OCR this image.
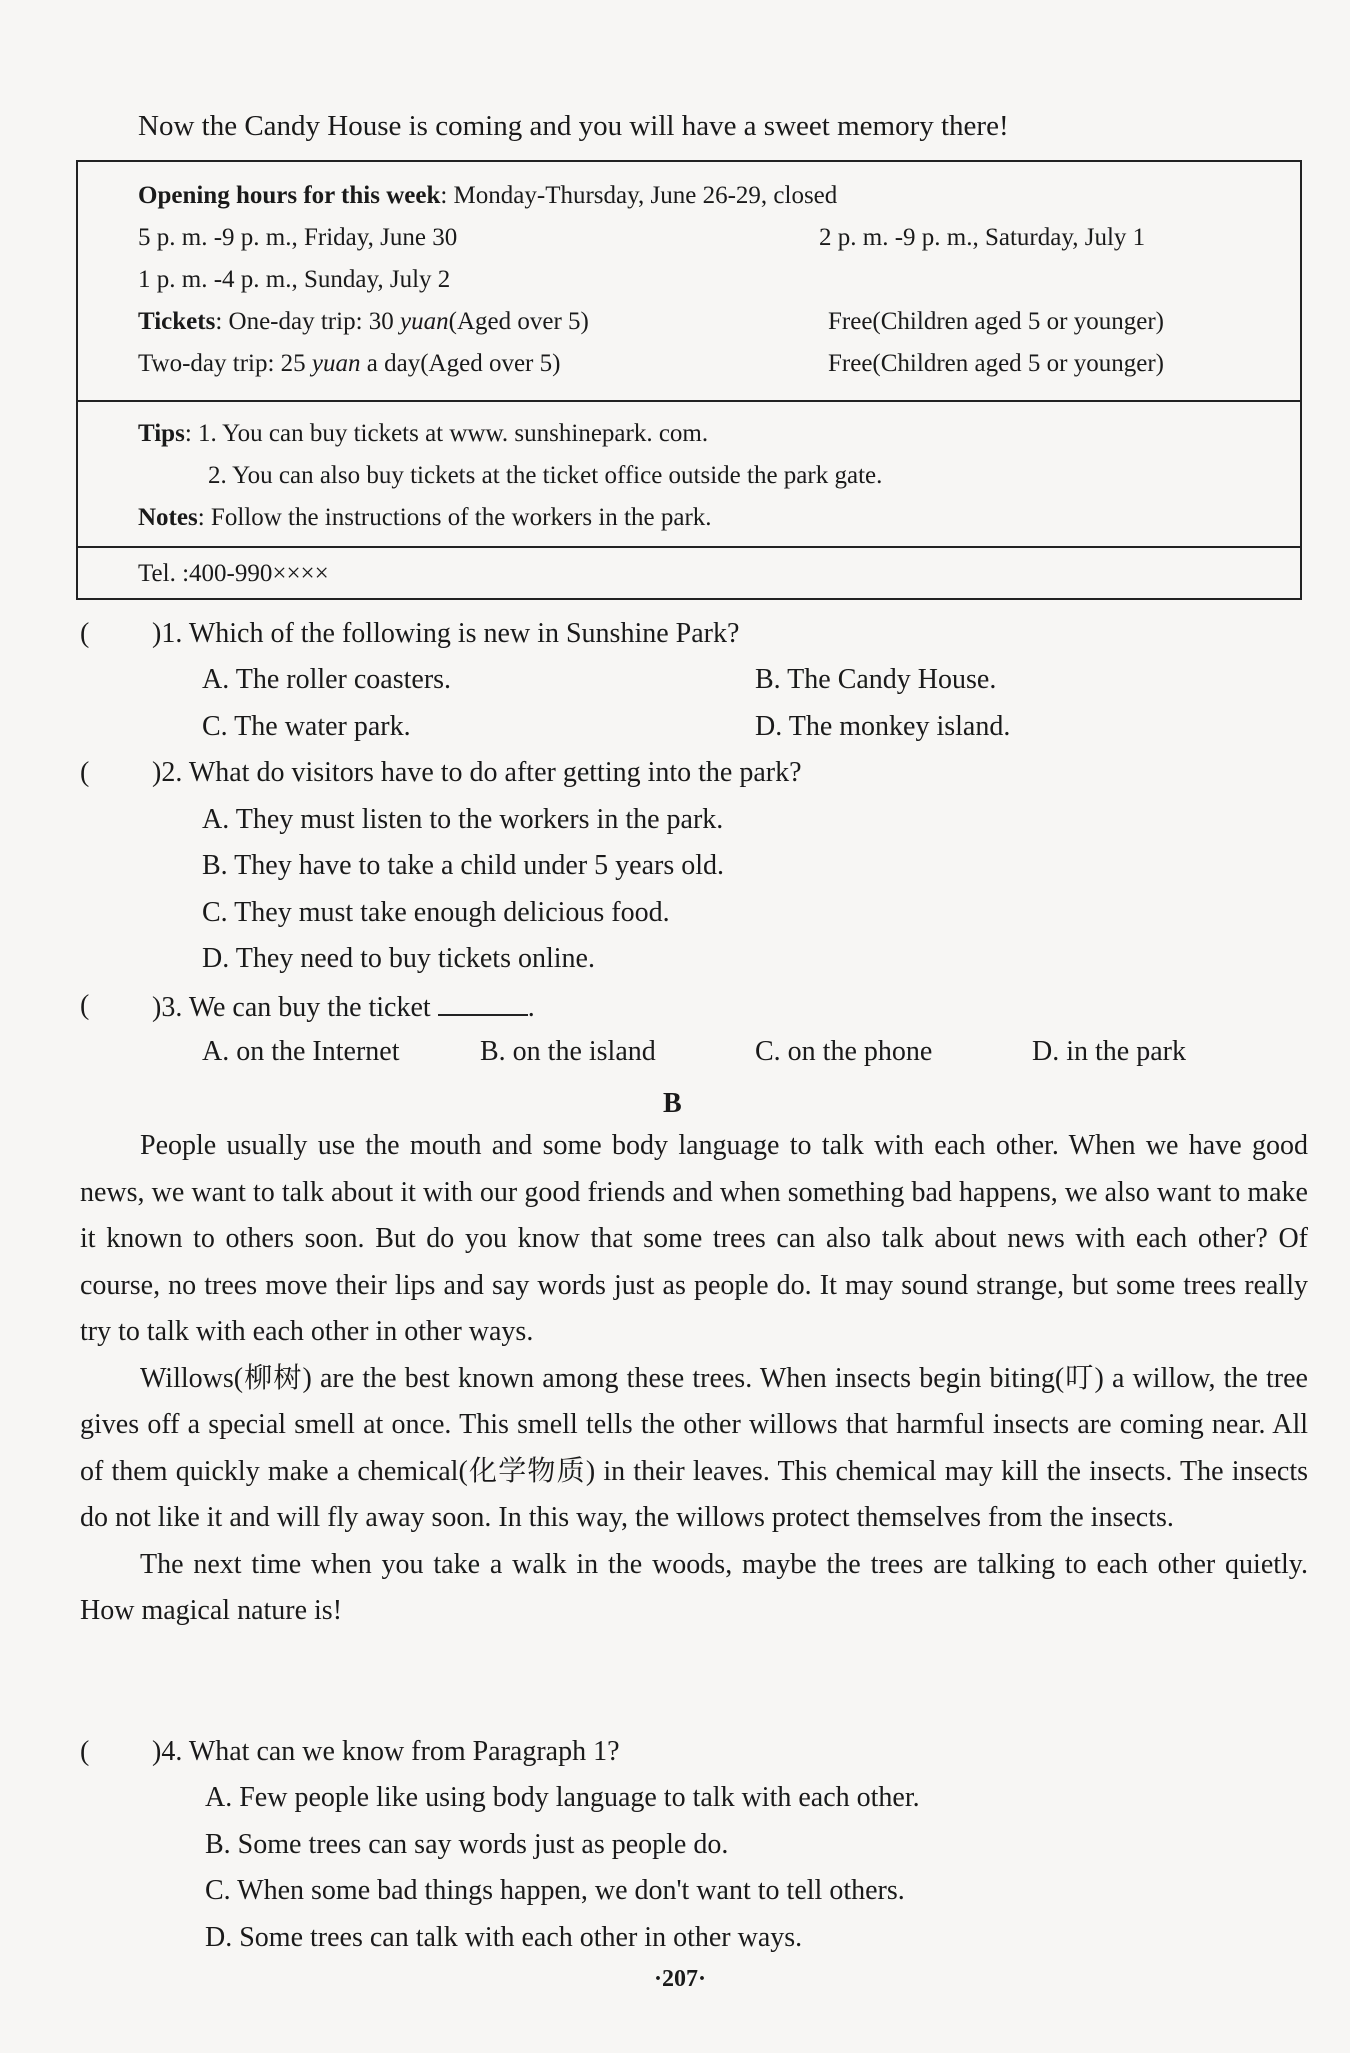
Now the Candy House is coming and you will have a sweet memory there!
Opening hours for this week: Monday-Thursday, June 26-29, closed
5 p. m. -9 p. m., Friday, June 30	2 p. m. -9 p. m., Saturday, July 1
1 p. m. -4 p. m., Sunday, July 2
Tickets: One-day trip: 30 yuan(Aged over 5)	Free(Children aged 5 or younger)
Two-day trip: 25 yuan a day(Aged over 5)	Free(Children aged 5 or younger)
Tips: 1. You can buy tickets at www. sunshinepark. com.
2. You can also buy tickets at the ticket office outside the park gate.
Notes: Follow the instructions of the workers in the park.
Tel. :400-990××××
( )1. Which of the following is new in Sunshine Park?
A. The roller coasters.	B. The Candy House.
C. The water park.	D. The monkey island.
( )2. What do visitors have to do after getting into the park?
A. They must listen to the workers in the park.
B. They have to take a child under 5 years old.
C. They must take enough delicious food.
D. They need to buy tickets online.
( )3. We can buy the ticket	.
A. on the Internet	B. on the island	C. on the phone	D. in the park
B

People usually use the mouth and some body language to talk with each other. When we have good news, we want to talk about it with our good friends and when something bad happens, we also want to make it known to others soon. But do you know that some trees can also talk about news with each other? Of course, no trees move their lips and say words just as people do. It may sound strange, but some trees really try to talk with each other in other ways.

Willows(柳树) are the best known among these trees. When insects begin biting(叮) a willow, the tree gives off a special smell at once. This smell tells the other willows that harmful insects are coming near. All of them quickly make a chemical(化学物质) in their leaves. This chemical may kill the insects. The insects do not like it and will fly away soon. In this way, the willows protect themselves from the insects.

The next time when you take a walk in the woods, maybe the trees are talking to each other quietly. How magical nature is!

( )4. What can we know from Paragraph 1?
A. Few people like using body language to talk with each other.
B. Some trees can say words just as people do.
C. When some bad things happen, we don't want to tell others.
D. Some trees can talk with each other in other ways.
·207·
